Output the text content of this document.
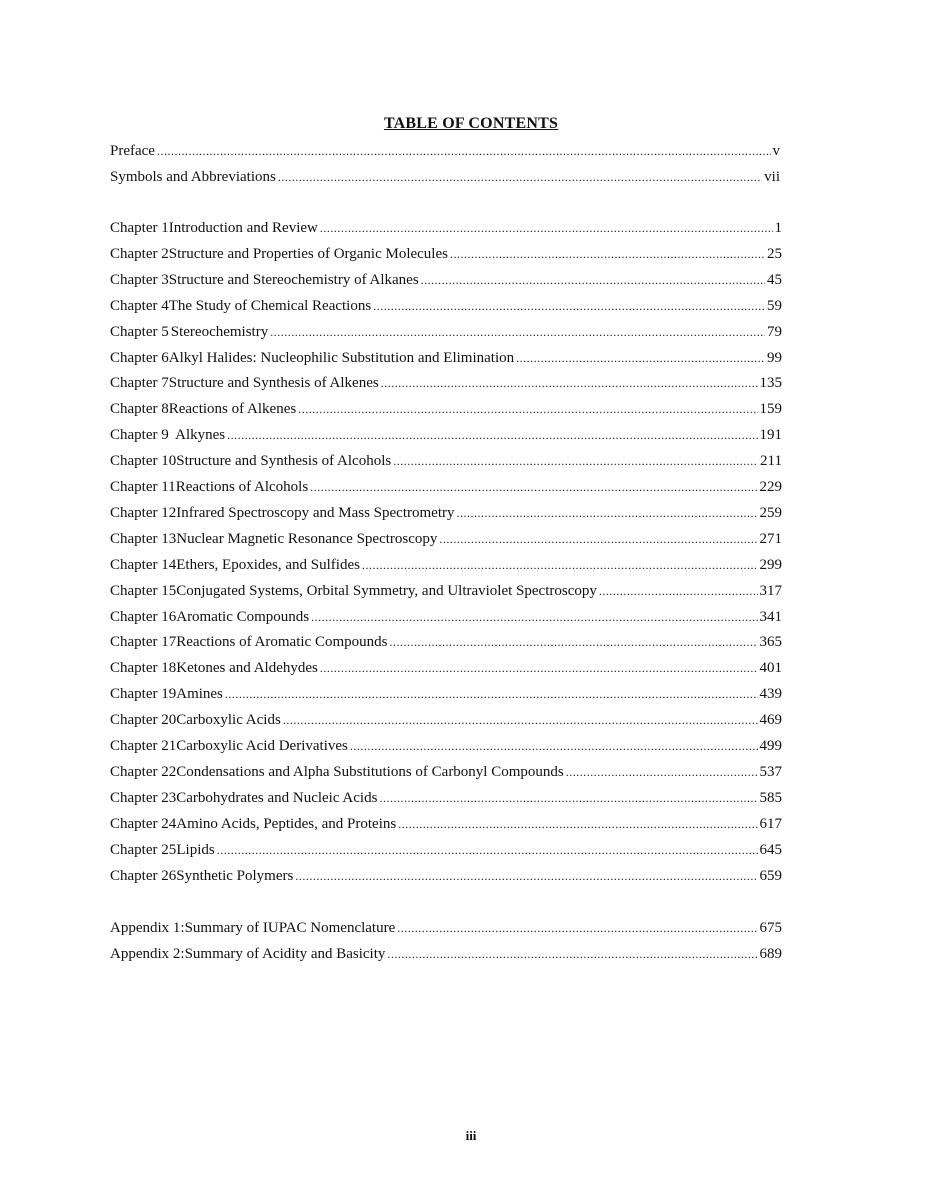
TABLE OF CONTENTS
Preface .....	v
Symbols and Abbreviations .....	vii
Chapter 1 Introduction and Review .....	1
Chapter 2 Structure and Properties of Organic Molecules .....	25
Chapter 3 Structure and Stereochemistry of Alkanes .....	45
Chapter 4 The Study of Chemical Reactions .....	59
Chapter 5 Stereochemistry .....	79
Chapter 6 Alkyl Halides: Nucleophilic Substitution and Elimination .....	99
Chapter 7 Structure and Synthesis of Alkenes .....	135
Chapter 8 Reactions of Alkenes .....	159
Chapter 9 Alkynes .....	191
Chapter 10 Structure and Synthesis of Alcohols .....	211
Chapter 11 Reactions of Alcohols .....	229
Chapter 12 Infrared Spectroscopy and Mass Spectrometry .....	259
Chapter 13 Nuclear Magnetic Resonance Spectroscopy .....	271
Chapter 14 Ethers, Epoxides, and Sulfides .....	299
Chapter 15 Conjugated Systems, Orbital Symmetry, and Ultraviolet Spectroscopy .....	317
Chapter 16 Aromatic Compounds .....	341
Chapter 17 Reactions of Aromatic Compounds .....	365
Chapter 18 Ketones and Aldehydes .....	401
Chapter 19 Amines .....	439
Chapter 20 Carboxylic Acids .....	469
Chapter 21 Carboxylic Acid Derivatives .....	499
Chapter 22 Condensations and Alpha Substitutions of Carbonyl Compounds .....	537
Chapter 23 Carbohydrates and Nucleic Acids .....	585
Chapter 24 Amino Acids, Peptides, and Proteins .....	617
Chapter 25 Lipids .....	645
Chapter 26 Synthetic Polymers .....	659
Appendix 1: Summary of IUPAC Nomenclature .....	675
Appendix 2: Summary of Acidity and Basicity .....	689
iii
